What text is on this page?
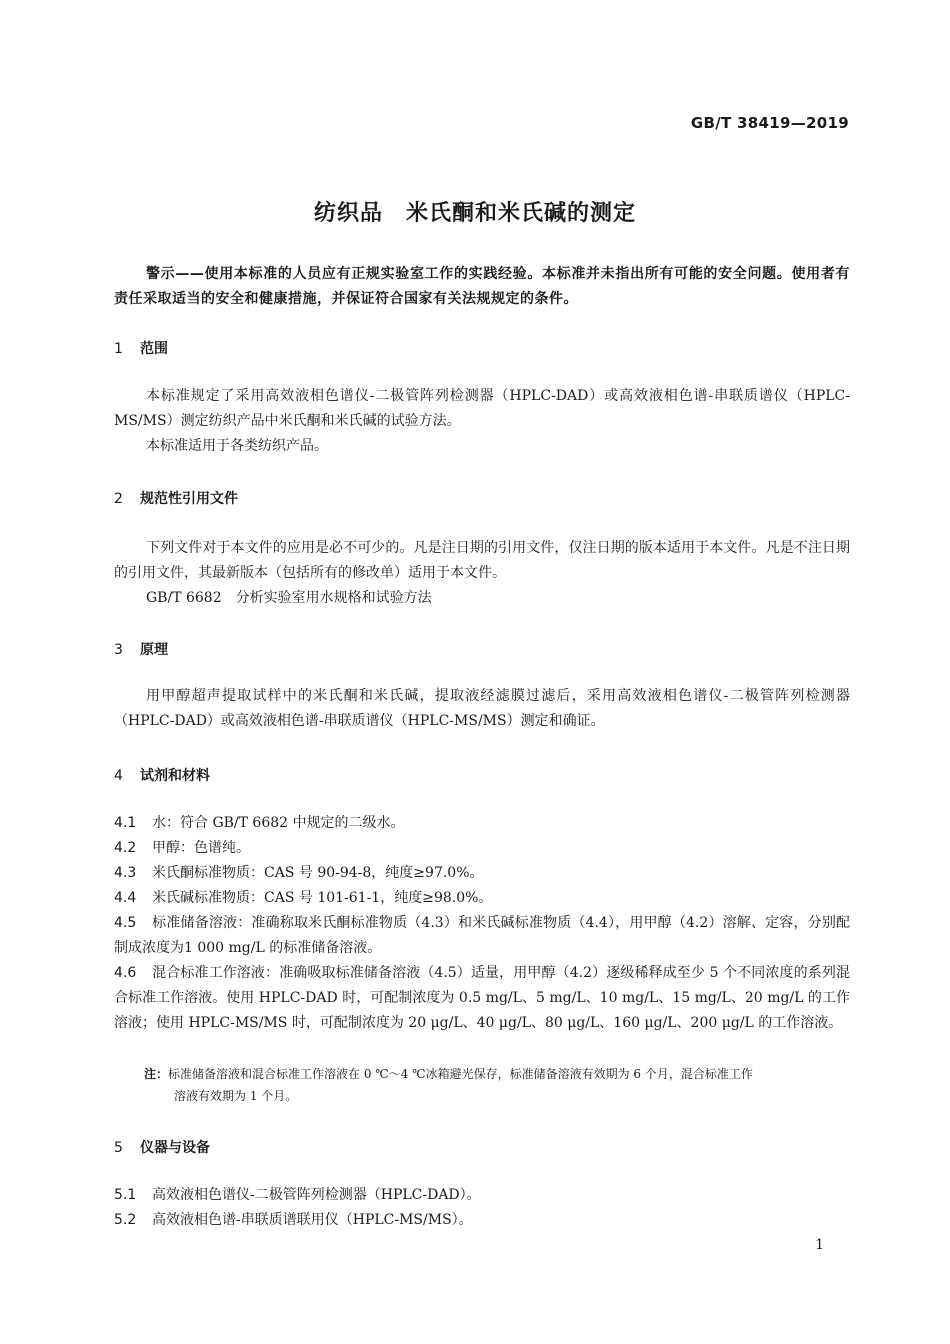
GB/T 38419—2019
纺织品　米氏酮和米氏碱的测定
警示——使用本标准的人员应有正规实验室工作的实践经验。本标准并未指出所有可能的安全问题。使用者有责任采取适当的安全和健康措施，并保证符合国家有关法规规定的条件。
1 范围
本标准规定了采用高效液相色谱仪-二极管阵列检测器（HPLC-DAD）或高效液相色谱-串联质谱仪（HPLC-MS/MS）测定纺织产品中米氏酮和米氏碱的试验方法。
本标准适用于各类纺织产品。
2 规范性引用文件
下列文件对于本文件的应用是必不可少的。凡是注日期的引用文件，仅注日期的版本适用于本文件。凡是不注日期的引用文件，其最新版本（包括所有的修改单）适用于本文件。
GB/T 6682　分析实验室用水规格和试验方法
3 原理
用甲醇超声提取试样中的米氏酮和米氏碱，提取液经滤膜过滤后，采用高效液相色谱仪-二极管阵列检测器（HPLC-DAD）或高效液相色谱-串联质谱仪（HPLC-MS/MS）测定和确证。
4 试剂和材料
4.1 水：符合 GB/T 6682 中规定的二级水。
4.2 甲醇：色谱纯。
4.3 米氏酮标准物质：CAS 号 90-94-8，纯度≥97.0%。
4.4 米氏碱标准物质：CAS 号 101-61-1，纯度≥98.0%。
4.5 标准储备溶液：准确称取米氏酮标准物质（4.3）和米氏碱标准物质（4.4），用甲醇（4.2）溶解、定容，分别配制成浓度为1 000 mg/L 的标准储备溶液。
4.6 混合标准工作溶液：准确吸取标准储备溶液（4.5）适量，用甲醇（4.2）逐级稀释成至少 5 个不同浓度的系列混合标准工作溶液。使用 HPLC-DAD 时，可配制浓度为 0.5 mg/L、5 mg/L、10 mg/L、15 mg/L、20 mg/L 的工作溶液；使用 HPLC-MS/MS 时，可配制浓度为 20 μg/L、40 μg/L、80 μg/L、160 μg/L、200 μg/L 的工作溶液。
注：标准储备溶液和混合标准工作溶液在 0 ℃～4 ℃冰箱避光保存，标准储备溶液有效期为 6 个月，混合标准工作
溶液有效期为 1 个月。
5 仪器与设备
5.1 高效液相色谱仪-二极管阵列检测器（HPLC-DAD）。
5.2 高效液相色谱-串联质谱联用仪（HPLC-MS/MS）。
1
